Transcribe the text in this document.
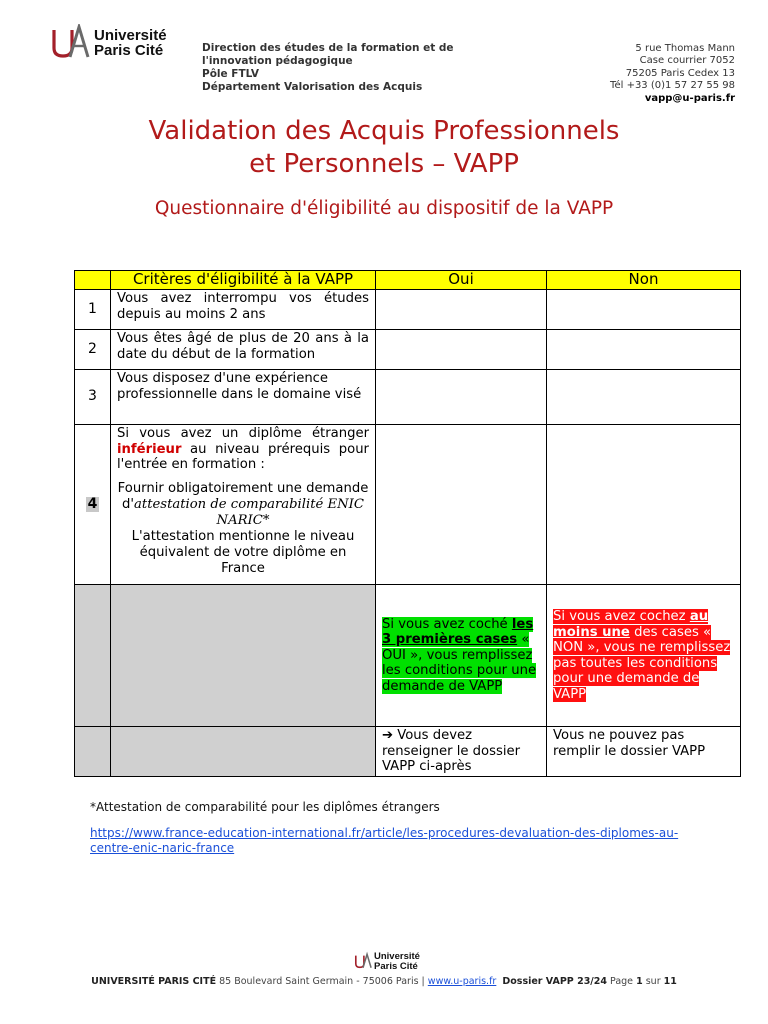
Université
Paris Cité	Direction des études de la formation et de
l'innovation pédagogique
Pôle FTLV
Département Valorisation des Acquis
5 rue Thomas Mann
Case courrier 7052
75205 Paris Cedex 13
Tél +33 (0)1 57 27 55 98
vapp@u-paris.fr
Validation des Acquis Professionnels
et Personnels – VAPP
Questionnaire d'éligibilité au dispositif de la VAPP
	Critères d'éligibilité à la VAPP	Oui	Non
1	Vous avez interrompu vos études depuis au moins 2 ans		
2	Vous êtes âgé de plus de 20 ans à la date du début de la formation		
3	Vous disposez d'une expérience professionnelle dans le domaine visé		
4	Si vous avez un diplôme étranger inférieur au niveau prérequis pour l'entrée en formation :
Fournir obligatoirement une demande d'attestation de comparabilité ENIC NARIC*
L'attestation mentionne le niveau équivalent de votre diplôme en France		

		Si vous avez coché les 3 premières cases « OUI », vous remplissez les conditions pour une demande de VAPP	Si vous avez cochez au moins une des cases « NON », vous ne remplissez pas toutes les conditions pour une demande de VAPP
		➔ Vous devez renseigner le dossier VAPP ci-après	Vous ne pouvez pas remplir le dossier VAPP
*Attestation de comparabilité pour les diplômes étrangers
https://www.france-education-international.fr/article/les-procedures-devaluation-des-diplomes-au-centre-enic-naric-france
Université
Paris Cité
UNIVERSITÉ PARIS CITÉ 85 Boulevard Saint Germain - 75006 Paris | www.u-paris.fr Dossier VAPP 23/24 Page 1 sur 11
